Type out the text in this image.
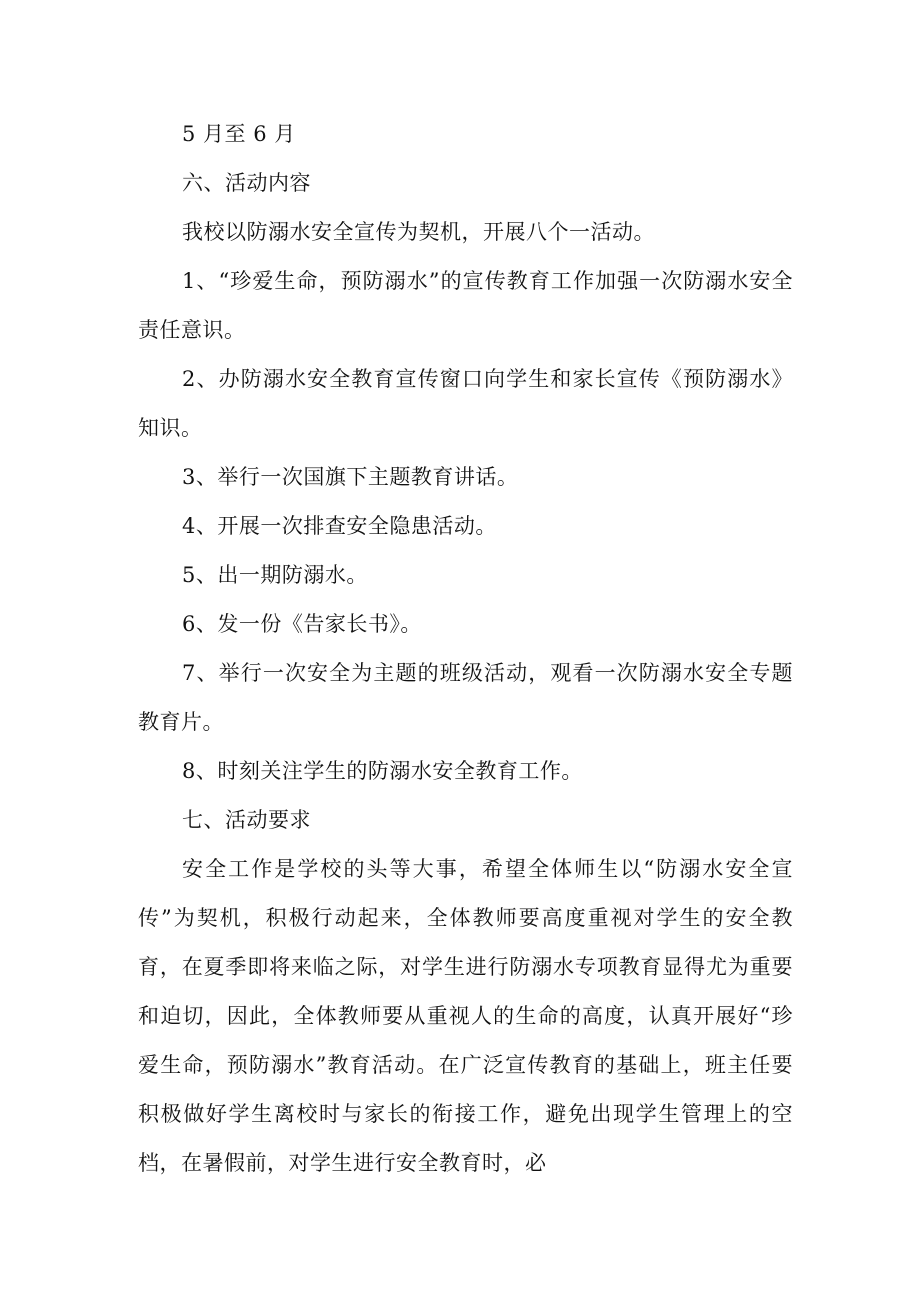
5 月至 6 月

六、活动内容

我校以防溺水安全宣传为契机，开展八个一活动。

1、“珍爱生命，预防溺水”的宣传教育工作加强一次防溺水安全责任意识。

2、办防溺水安全教育宣传窗口向学生和家长宣传《预防溺水》知识。

3、举行一次国旗下主题教育讲话。

4、开展一次排查安全隐患活动。

5、出一期防溺水。

6、发一份《告家长书》。

7、举行一次安全为主题的班级活动，观看一次防溺水安全专题教育片。

8、时刻关注学生的防溺水安全教育工作。

七、活动要求

安全工作是学校的头等大事，希望全体师生以“防溺水安全宣传”为契机，积极行动起来，全体教师要高度重视对学生的安全教育，在夏季即将来临之际，对学生进行防溺水专项教育显得尤为重要和迫切，因此，全体教师要从重视人的生命的高度，认真开展好“珍爱生命，预防溺水”教育活动。在广泛宣传教育的基础上，班主任要积极做好学生离校时与家长的衔接工作，避免出现学生管理上的空档，在暑假前，对学生进行安全教育时，必
